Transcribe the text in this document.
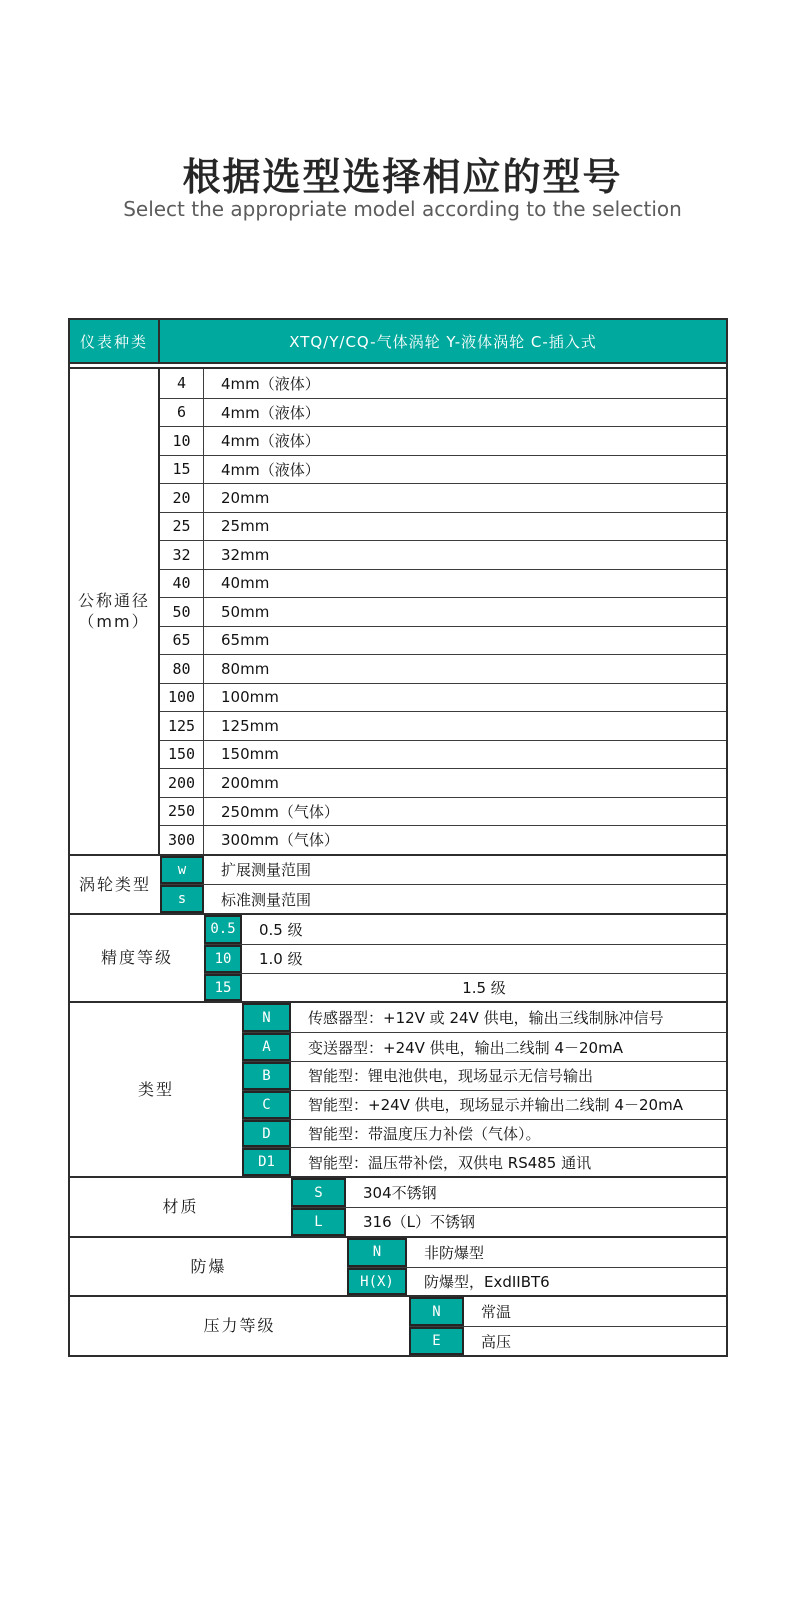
根据选型选择相应的型号
Select the appropriate model according to the selection
仪表种类	XTQ/Y/CQ-气体涡轮 Y-液体涡轮 C-插入式
公称通径
（mm）
4	4mm（液体）
6	4mm（液体）
10	4mm（液体）
15	4mm（液体）
20	20mm
25	25mm
32	32mm
40	40mm
50	50mm
65	65mm
80	80mm
100	100mm
125	125mm
150	150mm
200	200mm
250	250mm（气体）
300	300mm（气体）
涡轮类型
w	扩展测量范围
s	标准测量范围
精度等级
0.5	0.5 级
10	1.0 级
15	1.5 级
类型
N	传感器型：+12V 或 24V 供电，输出三线制脉冲信号
A	变送器型：+24V 供电，输出二线制 4－20mA
B	智能型：锂电池供电，现场显示无信号输出
C	智能型：+24V 供电，现场显示并输出二线制 4－20mA
D	智能型：带温度压力补偿（气体）。
D1	智能型：温压带补偿，双供电 RS485 通讯
材质
S	304不锈钢
L	316（L）不锈钢
防爆
N	非防爆型
H(X)	防爆型，ExdIIBT6
压力等级
N	常温
E	高压
